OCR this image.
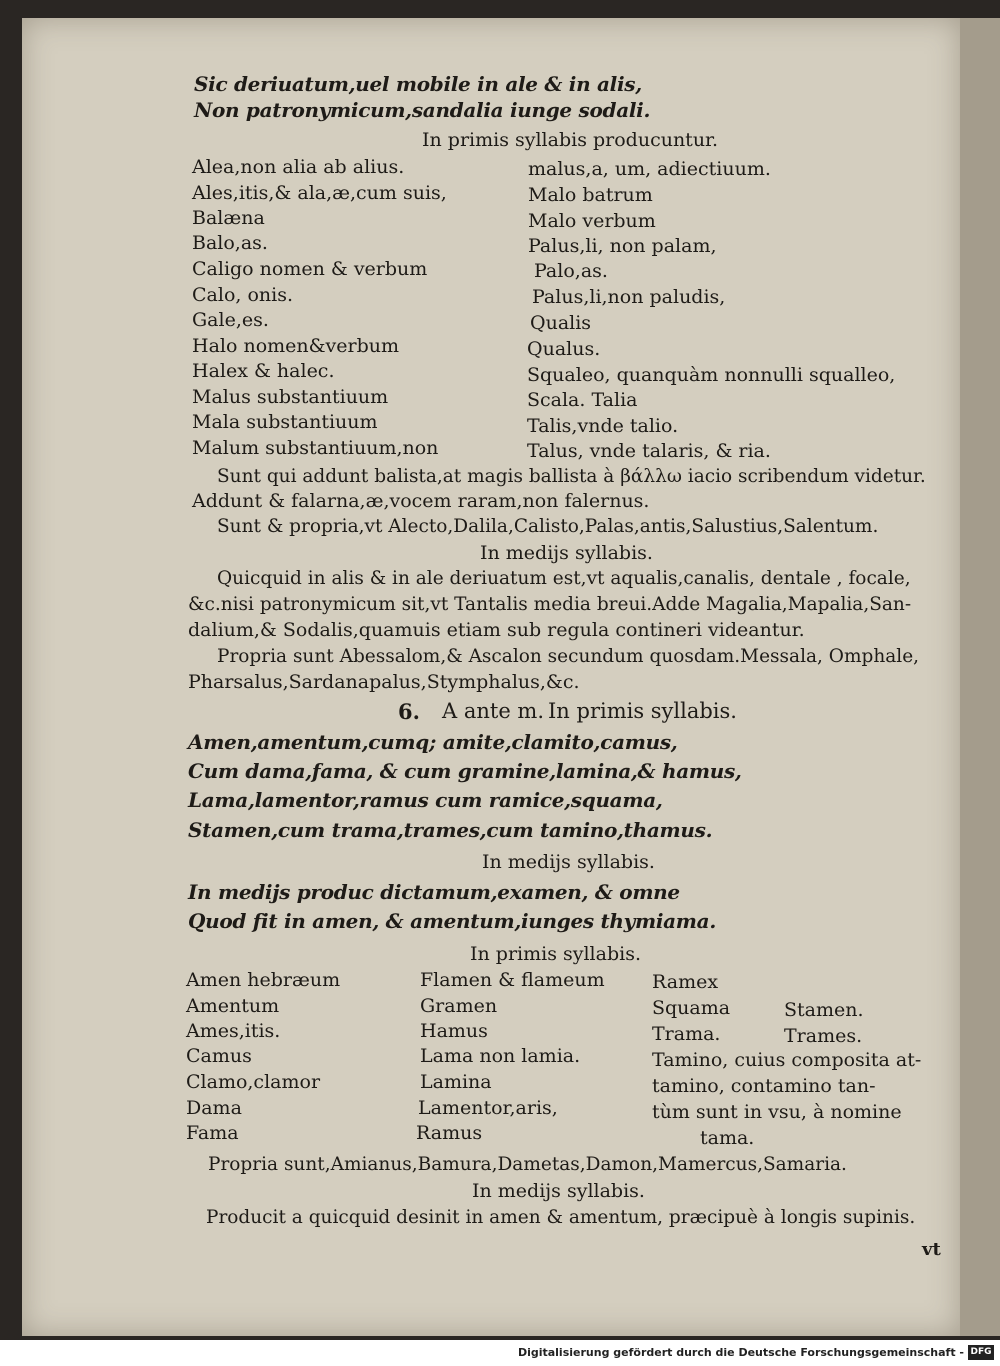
Sic deriuatum,uel mobile in ale & in alis,
Non patronymicum,sandalia iunge sodali.
In primis syllabis producuntur.
Alea,non alia ab alius.
Ales,itis,& ala,æ,cum suis,
Balæna
Balo,as.
Caligo nomen & verbum
Calo, onis.
Gale,es.
Halo nomen&verbum
Halex & halec.
Malus substantiuum
Mala substantiuum
Malum substantiuum,non
malus,a, um, adiectiuum.
Malo batrum
Malo verbum
Palus,li, non palam,
Palo,as.
Palus,li,non paludis,
Qualis
Qualus.
Squaleo, quanquàm nonnulli squalleo,
Scala. Talia
Talis,vnde talio.
Talus, vnde talaris, & ria.
Sunt qui addunt balista,at magis ballista à βάλλω iacio scribendum videtur.
Addunt & falarna,æ,vocem raram,non falernus.
Sunt & propria,vt Alecto,Dalila,Calisto,Palas,antis,Salustius,Salentum.
In medijs syllabis.
Quicquid in alis & in ale deriuatum est,vt aqualis,canalis, dentale , focale,
&c.nisi patronymicum sit,vt Tantalis media breui.Adde Magalia,Mapalia,San-
dalium,& Sodalis,quamuis etiam sub regula contineri videantur.
Propria sunt Abessalom,& Ascalon secundum quosdam.Messala, Omphale,
Pharsalus,Sardanapalus,Stymphalus,&c.
6. A ante m. In primis syllabis.
Amen,amentum,cumq; amite,clamito,camus,
Cum dama,fama, & cum gramine,lamina,& hamus,
Lama,lamentor,ramus cum ramice,squama,
Stamen,cum trama,trames,cum tamino,thamus.
In medijs syllabis.
In medijs produc dictamum,examen, & omne
Quod fit in amen, & amentum,iunges thymiama.
In primis syllabis.
Amen hebræum
Amentum
Ames,itis.
Camus
Clamo,clamor
Dama
Fama
Flamen & flameum
Gramen
Hamus
Lama non lamia.
Lamina
Lamentor,aris,
Ramus
Ramex
Squama	Stamen.
Trama.	Trames.
Tamino, cuius composita at-
tamino, contamino tan-
tùm sunt in vsu, à nomine
tama.
Propria sunt,Amianus,Bamura,Dametas,Damon,Mamercus,Samaria.
In medijs syllabis.
Producit a quicquid desinit in amen & amentum, præcipuè à longis supinis.
vt
Digitalisierung gefördert durch die Deutsche Forschungsgemeinschaft - DFG
